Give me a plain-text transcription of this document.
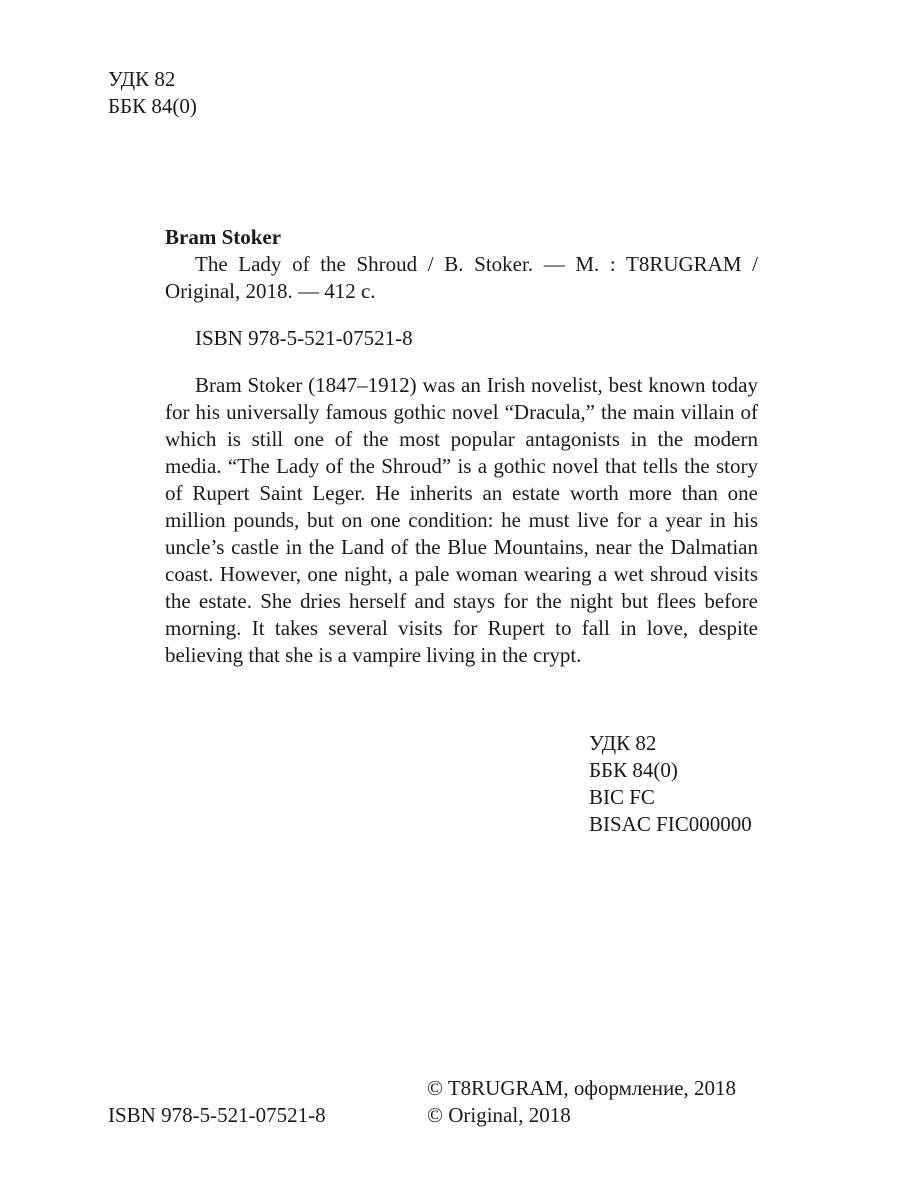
УДК 82
ББК 84(0)
Bram Stoker

The Lady of the Shroud / B. Stoker. — M. : T8RUGRAM / Original, 2018. — 412 c.

ISBN 978-5-521-07521-8

Bram Stoker (1847–1912) was an Irish novelist, best known today for his universally famous gothic novel “Dracula,” the main villain of which is still one of the most popular antagonists in the modern media. “The Lady of the Shroud” is a gothic novel that tells the story of Rupert Saint Leger. He inherits an estate worth more than one million pounds, but on one condition: he must live for a year in his uncle’s castle in the Land of the Blue Mountains, near the Dalmatian coast. However, one night, a pale woman wearing a wet shroud visits the estate. She dries herself and stays for the night but flees before morning. It takes several visits for Rupert to fall in love, despite believing that she is a vampire living in the crypt.

УДК 82
ББК 84(0)
BIC FC
BISAC FIC000000
ISBN 978-5-521-07521-8
© T8RUGRAM, оформление, 2018
© Original, 2018
